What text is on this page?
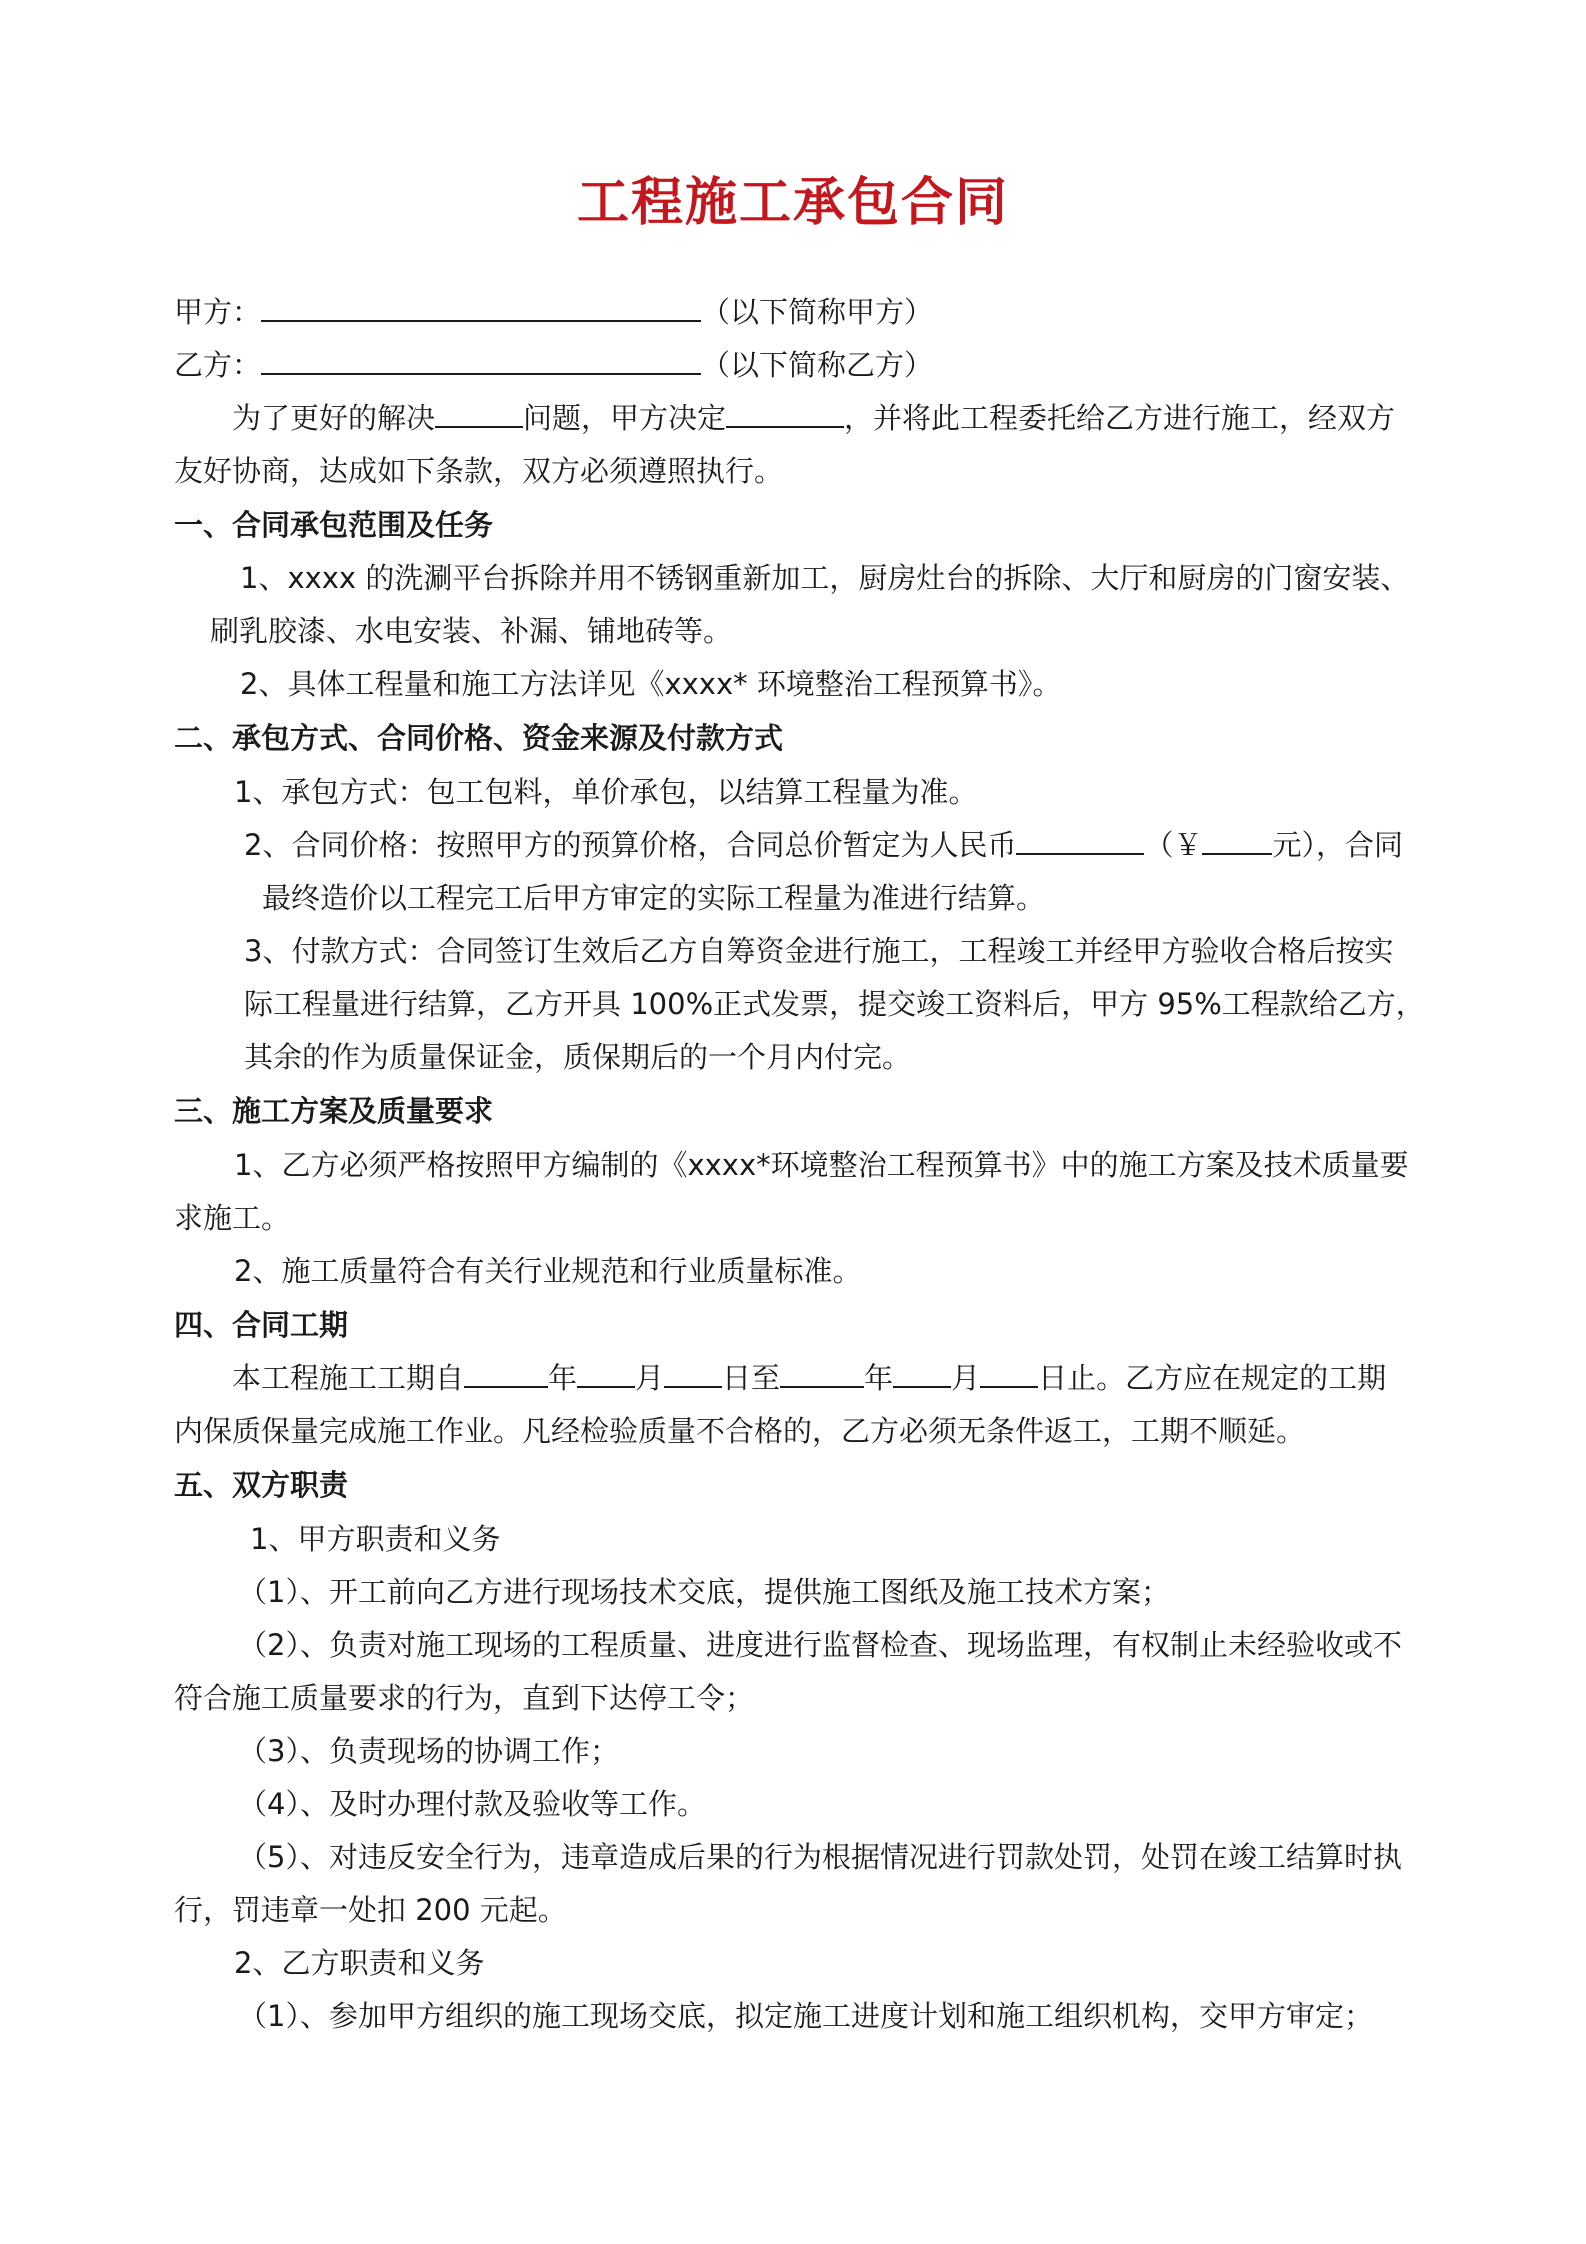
工程施工承包合同
甲方：	（以下简称甲方）
乙方：	（以下简称乙方）
为了更好的解决	问题，甲方决定	，并将此工程委托给乙方进行施工，经双方
友好协商，达成如下条款，双方必须遵照执行。
一、合同承包范围及任务
1、xxxx 的洗涮平台拆除并用不锈钢重新加工，厨房灶台的拆除、大厅和厨房的门窗安装、
刷乳胶漆、水电安装、补漏、铺地砖等。
2、具体工程量和施工方法详见《xxxx* 环境整治工程预算书》。
二、承包方式、合同价格、资金来源及付款方式
1、承包方式：包工包料，单价承包，以结算工程量为准。
2、合同价格：按照甲方的预算价格，合同总价暂定为人民币	（￥ 元），合同
最终造价以工程完工后甲方审定的实际工程量为准进行结算。
3、付款方式：合同签订生效后乙方自筹资金进行施工，工程竣工并经甲方验收合格后按实
际工程量进行结算，乙方开具 100%正式发票，提交竣工资料后，甲方 95%工程款给乙方，
其余的作为质量保证金，质保期后的一个月内付完。
三、施工方案及质量要求
1、乙方必须严格按照甲方编制的《xxxx*环境整治工程预算书》中的施工方案及技术质量要
求施工。
2、施工质量符合有关行业规范和行业质量标准。
四、合同工期
本工程施工工期自	年 月 日至	年 月 日止。乙方应在规定的工期
内保质保量完成施工作业。凡经检验质量不合格的，乙方必须无条件返工，工期不顺延。
五、双方职责
1、甲方职责和义务
（1）、开工前向乙方进行现场技术交底，提供施工图纸及施工技术方案；
（2）、负责对施工现场的工程质量、进度进行监督检查、现场监理，有权制止未经验收或不
符合施工质量要求的行为，直到下达停工令；
（3）、负责现场的协调工作；
（4）、及时办理付款及验收等工作。
（5）、对违反安全行为，违章造成后果的行为根据情况进行罚款处罚，处罚在竣工结算时执
行，罚违章一处扣 200 元起。
2、乙方职责和义务
（1）、参加甲方组织的施工现场交底，拟定施工进度计划和施工组织机构，交甲方审定；
